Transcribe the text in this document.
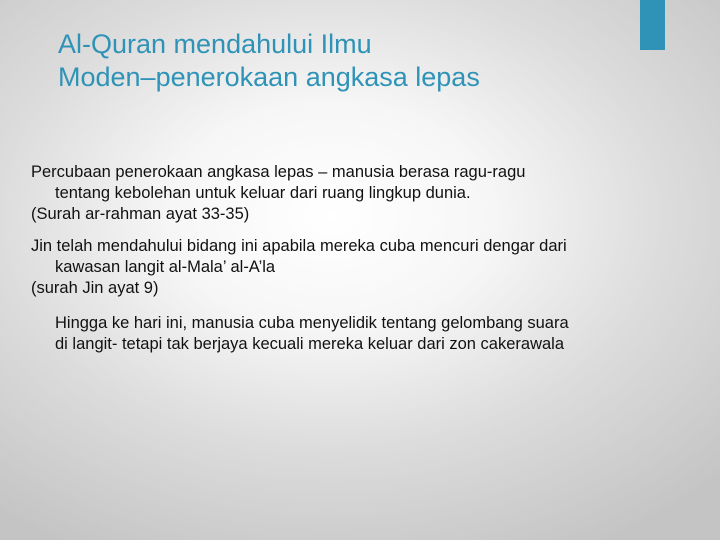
Al-Quran mendahului Ilmu
Moden–penerokaan angkasa lepas
Percubaan penerokaan angkasa lepas – manusia berasa ragu-ragu
tentang kebolehan untuk keluar dari ruang lingkup dunia.
(Surah ar-rahman ayat 33-35)
Jin telah mendahului bidang ini apabila mereka cuba mencuri dengar dari
kawasan langit al-Mala’ al-A’la
(surah Jin ayat 9)
Hingga ke hari ini, manusia cuba menyelidik tentang gelombang suara
di langit- tetapi tak berjaya kecuali mereka keluar dari zon cakerawala
